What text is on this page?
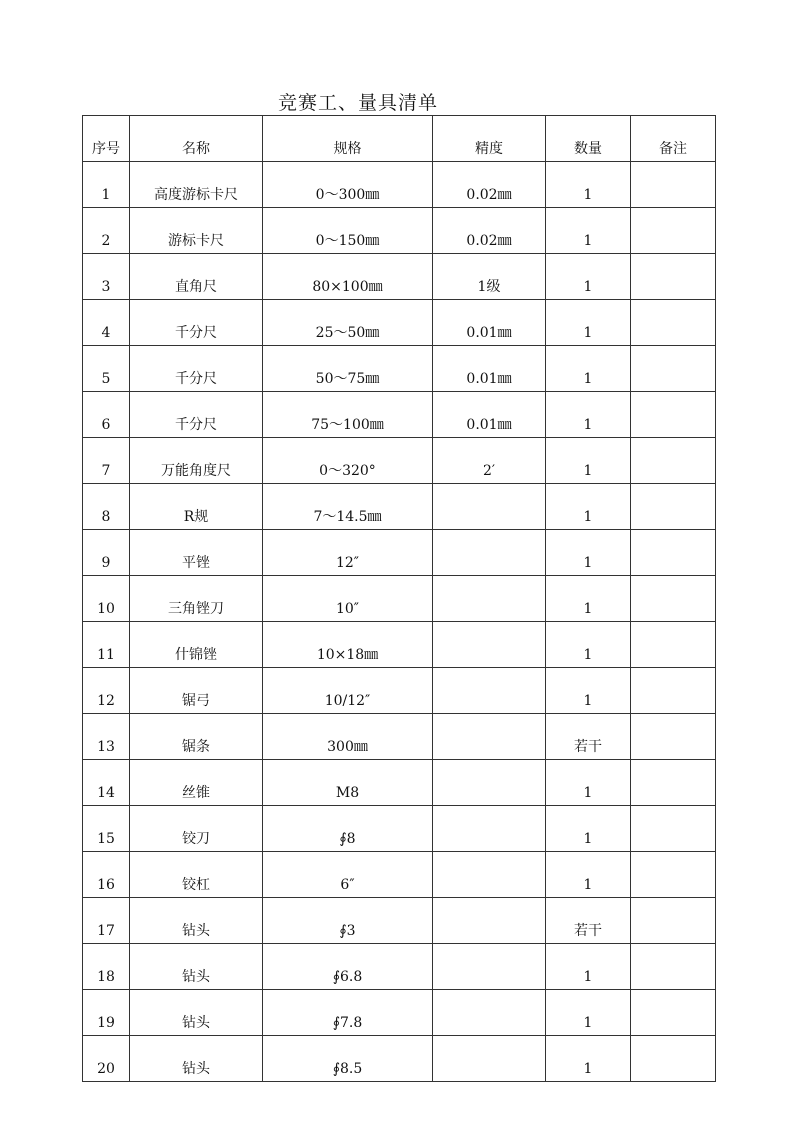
竞赛工、量具清单
序号	名称	规格	精度	数量	备注
1	高度游标卡尺	0～300㎜	0.02㎜	1	
2	游标卡尺	0～150㎜	0.02㎜	1	
3	直角尺	80×100㎜	1级	1	
4	千分尺	25～50㎜	0.01㎜	1	
5	千分尺	50～75㎜	0.01㎜	1	
6	千分尺	75～100㎜	0.01㎜	1	
7	万能角度尺	0～320°	2′	1	
8	R规	7～14.5㎜		1	
9	平锉	12″		1	
10	三角锉刀	10″		1	
11	什锦锉	10×18㎜		1	
12	锯弓	10/12″		1	
13	锯条	300㎜		若干	
14	丝锥	M8		1	
15	铰刀	∮8		1	
16	铰杠	6″		1	
17	钻头	∮3		若干	
18	钻头	∮6.8		1	
19	钻头	∮7.8		1	
20	钻头	∮8.5		1	
